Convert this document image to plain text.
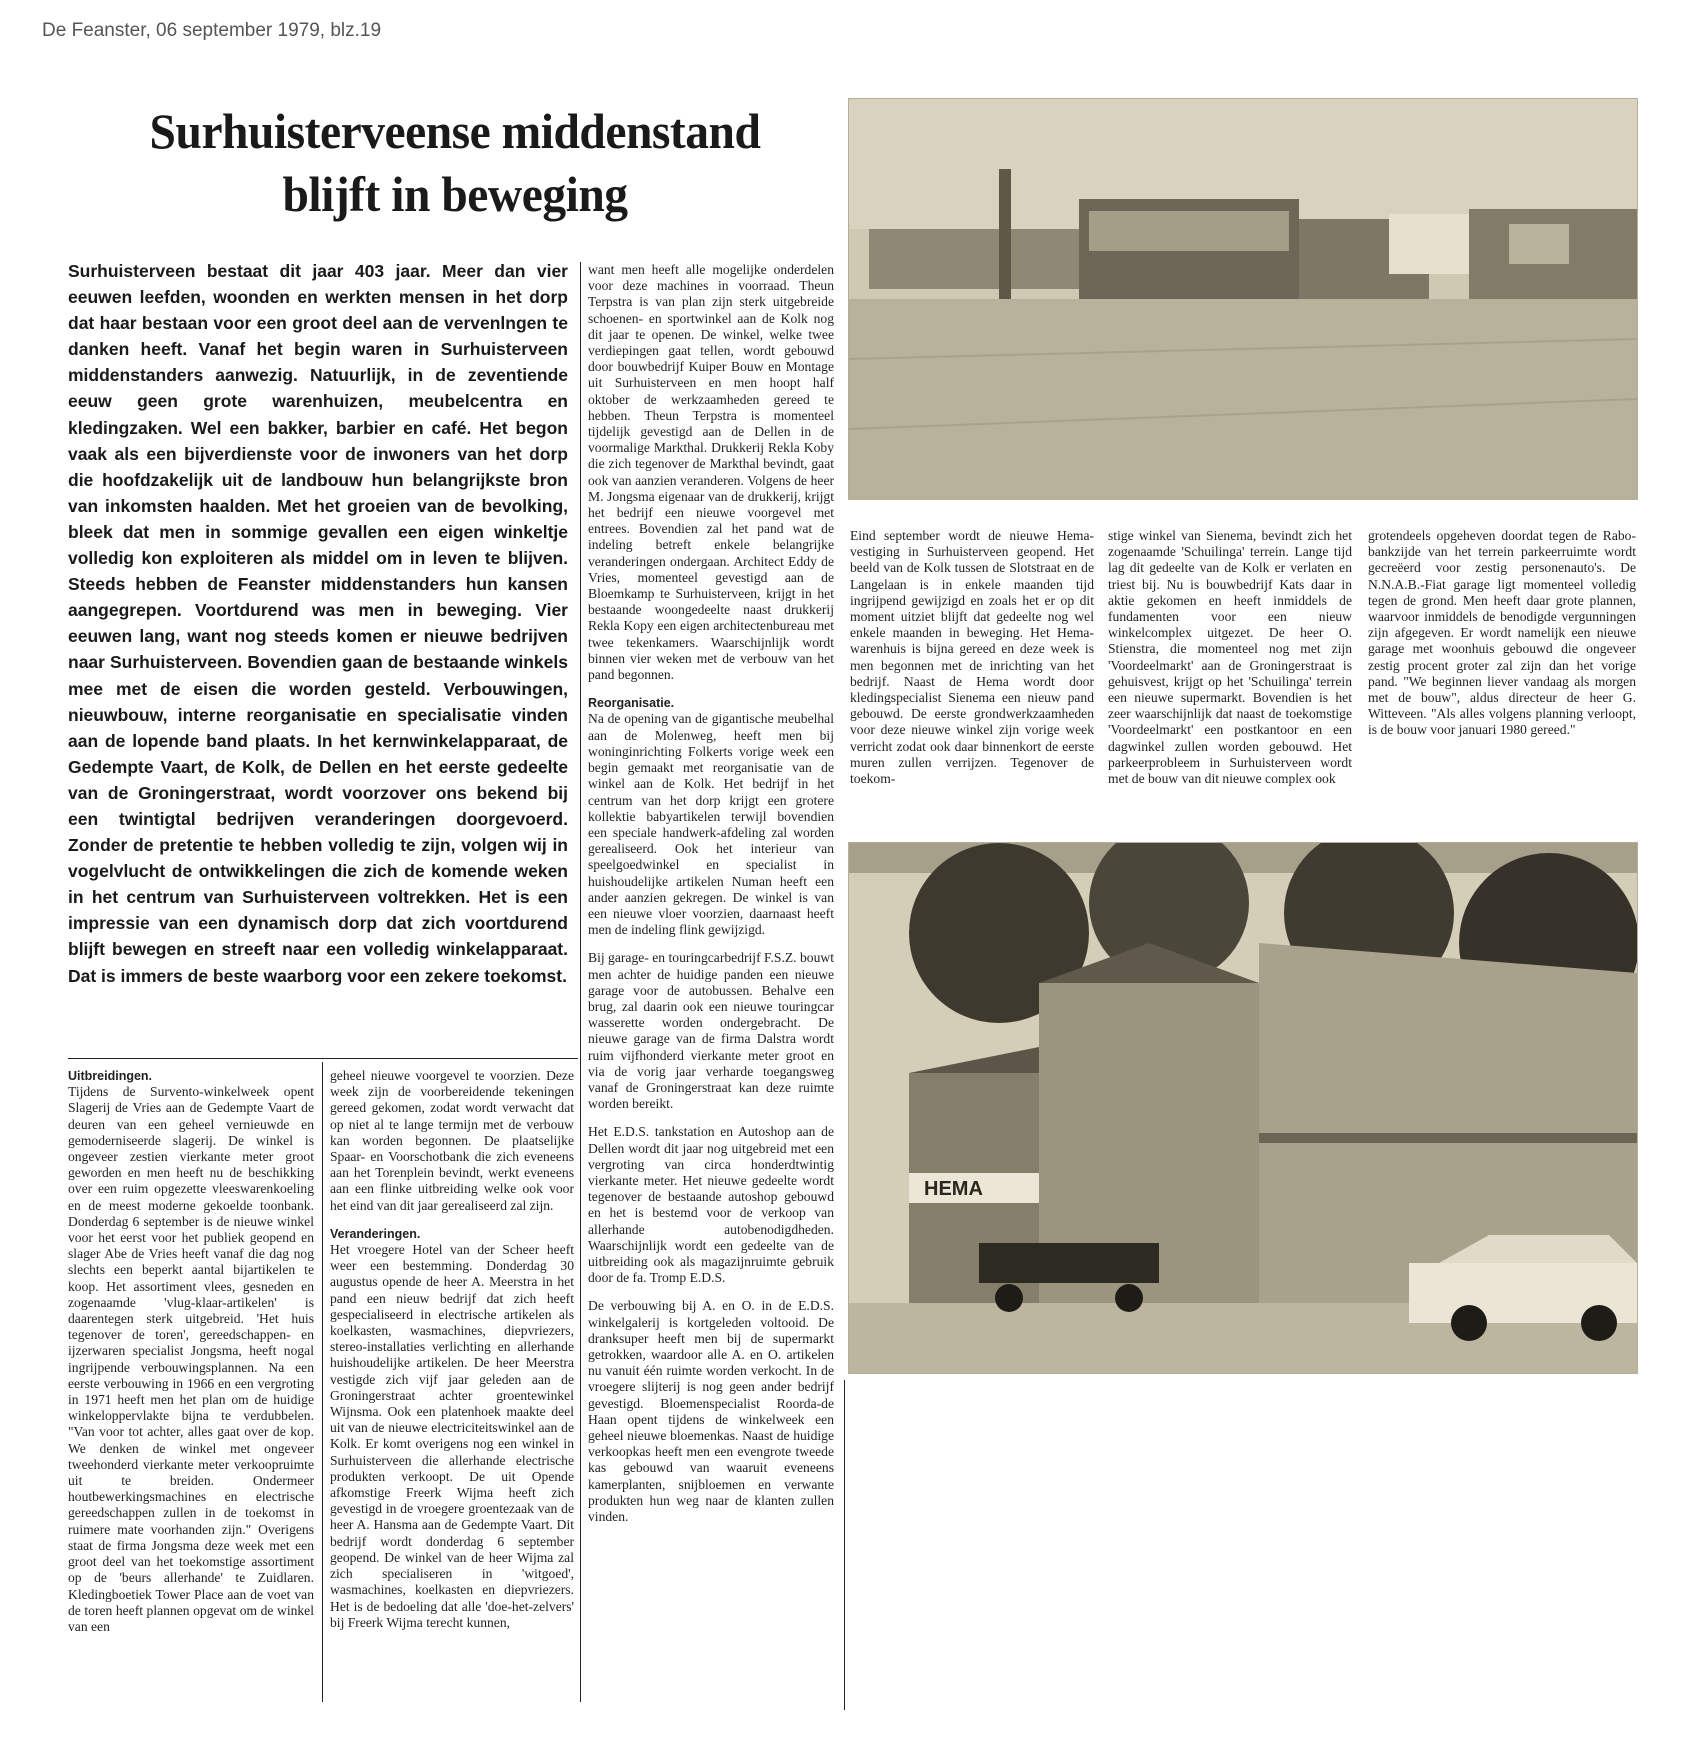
De Feanster, 06 september 1979, blz.19
Surhuisterveense middenstand
blijft in beweging
Surhuisterveen bestaat dit jaar 403 jaar. Meer dan vier eeuwen leefden, woonden en werkten mensen in het dorp dat haar bestaan voor een groot deel aan de vervenlngen te danken heeft. Vanaf het begin waren in Surhuisterveen middenstanders aanwezig. Natuurlijk, in de zeventiende eeuw geen grote warenhuizen, meubelcentra en kledingzaken. Wel een bakker, barbier en café. Het begon vaak als een bijverdienste voor de inwoners van het dorp die hoofdzakelijk uit de landbouw hun belangrijkste bron van inkomsten haalden. Met het groeien van de bevolking, bleek dat men in sommige gevallen een eigen winkeltje volledig kon exploiteren als middel om in leven te blijven. Steeds hebben de Feanster middenstanders hun kansen aangegrepen. Voortdurend was men in beweging. Vier eeuwen lang, want nog steeds komen er nieuwe bedrijven naar Surhuisterveen. Bovendien gaan de bestaande winkels mee met de eisen die worden gesteld. Verbouwingen, nieuwbouw, interne reorganisatie en specialisatie vinden aan de lopende band plaats. In het kernwinkelapparaat, de Gedempte Vaart, de Kolk, de Dellen en het eerste gedeelte van de Groningerstraat, wordt voorzover ons bekend bij een twintigtal bedrijven veranderingen doorgevoerd. Zonder de pretentie te hebben volledig te zijn, volgen wij in vogelvlucht de ontwikkelingen die zich de komende weken in het centrum van Surhuisterveen voltrekken. Het is een impressie van een dynamisch dorp dat zich voortdurend blijft bewegen en streeft naar een volledig winkelapparaat. Dat is immers de beste waarborg voor een zekere toekomst.
Uitbreidingen.

Tijdens de Survento-winkelweek opent Slagerij de Vries aan de Gedempte Vaart de deuren van een geheel vernieuwde en gemoderniseerde slagerij. De winkel is ongeveer zestien vierkante meter groot geworden en men heeft nu de beschikking over een ruim opgezette vleeswarenkoeling en de meest moderne gekoelde toonbank. Donderdag 6 september is de nieuwe winkel voor het eerst voor het publiek geopend en slager Abe de Vries heeft vanaf die dag nog slechts een beperkt aantal bijartikelen te koop. Het assortiment vlees, gesneden en zogenaamde 'vlug-klaar-artikelen' is daarentegen sterk uitgebreid. 'Het huis tegenover de toren', gereedschappen- en ijzerwaren specialist Jongsma, heeft nogal ingrijpende verbouwingsplannen. Na een eerste verbouwing in 1966 en een vergroting in 1971 heeft men het plan om de huidige winkeloppervlakte bijna te verdubbelen. "Van voor tot achter, alles gaat over de kop. We denken de winkel met ongeveer tweehonderd vierkante meter verkoopruimte uit te breiden. Ondermeer houtbewerkingsmachines en electrische gereedschappen zullen in de toekomst in ruimere mate voorhanden zijn." Overigens staat de firma Jongsma deze week met een groot deel van het toekomstige assortiment op de 'beurs allerhande' te Zuidlaren. Kledingboetiek Tower Place aan de voet van de toren heeft plannen opgevat om de winkel van een

geheel nieuwe voorgevel te voorzien. Deze week zijn de voorbereidende tekeningen gereed gekomen, zodat wordt verwacht dat op niet al te lange termijn met de verbouw kan worden begonnen. De plaatselijke Spaar- en Voorschotbank die zich eveneens aan het Torenplein bevindt, werkt eveneens aan een flinke uitbreiding welke ook voor het eind van dit jaar gerealiseerd zal zijn.

Veranderingen.

Het vroegere Hotel van der Scheer heeft weer een bestemming. Donderdag 30 augustus opende de heer A. Meerstra in het pand een nieuw bedrijf dat zich heeft gespecialiseerd in electrische artikelen als koelkasten, wasmachines, diepvriezers, stereo-installaties verlichting en allerhande huishoudelijke artikelen. De heer Meerstra vestigde zich vijf jaar geleden aan de Groningerstraat achter groentewinkel Wijnsma. Ook een platenhoek maakte deel uit van de nieuwe electriciteitswinkel aan de Kolk. Er komt overigens nog een winkel in Surhuisterveen die allerhande electrische produkten verkoopt. De uit Opende afkomstige Freerk Wijma heeft zich gevestigd in de vroegere groentezaak van de heer A. Hansma aan de Gedempte Vaart. Dit bedrijf wordt donderdag 6 september geopend. De winkel van de heer Wijma zal zich specialiseren in 'witgoed', wasmachines, koelkasten en diepvriezers. Het is de bedoeling dat alle 'doe-het-zelvers' bij Freerk Wijma terecht kunnen,

want men heeft alle mogelijke onderdelen voor deze machines in voorraad. Theun Terpstra is van plan zijn sterk uitgebreide schoenen- en sportwinkel aan de Kolk nog dit jaar te openen. De winkel, welke twee verdiepingen gaat tellen, wordt gebouwd door bouwbedrijf Kuiper Bouw en Montage uit Surhuisterveen en men hoopt half oktober de werkzaamheden gereed te hebben. Theun Terpstra is momenteel tijdelijk gevestigd aan de Dellen in de voormalige Markthal. Drukkerij Rekla Koby die zich tegenover de Markthal bevindt, gaat ook van aanzien veranderen. Volgens de heer M. Jongsma eigenaar van de drukkerij, krijgt het bedrijf een nieuwe voorgevel met entrees. Bovendien zal het pand wat de indeling betreft enkele belangrijke veranderingen ondergaan. Architect Eddy de Vries, momenteel gevestigd aan de Bloemkamp te Surhuisterveen, krijgt in het bestaande woongedeelte naast drukkerij Rekla Kopy een eigen architectenbureau met twee tekenkamers. Waarschijnlijk wordt binnen vier weken met de verbouw van het pand begonnen.

Reorganisatie.

Na de opening van de gigantische meubelhal aan de Molenweg, heeft men bij woninginrichting Folkerts vorige week een begin gemaakt met reorganisatie van de winkel aan de Kolk. Het bedrijf in het centrum van het dorp krijgt een grotere kollektie babyartikelen terwijl bovendien een speciale handwerk-afdeling zal worden gerealiseerd. Ook het interieur van speelgoedwinkel en specialist in huishoudelijke artikelen Numan heeft een ander aanzien gekregen. De winkel is van een nieuwe vloer voorzien, daarnaast heeft men de indeling flink gewijzigd.

Bij garage- en touringcarbedrijf F.S.Z. bouwt men achter de huidige panden een nieuwe garage voor de autobussen. Behalve een brug, zal daarin ook een nieuwe touringcar wasserette worden ondergebracht. De nieuwe garage van de firma Dalstra wordt ruim vijfhonderd vierkante meter groot en via de vorig jaar verharde toegangsweg vanaf de Groningerstraat kan deze ruimte worden bereikt.

Het E.D.S. tankstation en Autoshop aan de Dellen wordt dit jaar nog uitgebreid met een vergroting van circa honderdtwintig vierkante meter. Het nieuwe gedeelte wordt tegenover de bestaande autoshop gebouwd en het is bestemd voor de verkoop van allerhande autobenodigdheden. Waarschijnlijk wordt een gedeelte van de uitbreiding ook als magazijnruimte gebruik door de fa. Tromp E.D.S.

De verbouwing bij A. en O. in de E.D.S. winkelgalerij is kortgeleden voltooid. De dranksuper heeft men bij de supermarkt getrokken, waardoor alle A. en O. artikelen nu vanuit één ruimte worden verkocht. In de vroegere slijterij is nog geen ander bedrijf gevestigd. Bloemenspecialist Roorda-de Haan opent tijdens de winkelweek een geheel nieuwe bloemenkas. Naast de huidige verkoopkas heeft men een evengrote tweede kas gebouwd van waaruit eveneens kamerplanten, snijbloemen en verwante produkten hun weg naar de klanten zullen vinden.

Eind september wordt de nieuwe Hema-vestiging in Surhuisterveen geopend. Het beeld van de Kolk tussen de Slotstraat en de Langelaan is in enkele maanden tijd ingrijpend gewijzigd en zoals het er op dit moment uitziet blijft dat gedeelte nog wel enkele maanden in beweging. Het Hema-warenhuis is bijna gereed en deze week is men begonnen met de inrichting van het bedrijf. Naast de Hema wordt door kledingspecialist Sienema een nieuw pand gebouwd. De eerste grondwerkzaamheden voor deze nieuwe winkel zijn vorige week verricht zodat ook daar binnenkort de eerste muren zullen verrijzen. Tegenover de toekom-

stige winkel van Sienema, bevindt zich het zogenaamde 'Schuilinga' terrein. Lange tijd lag dit gedeelte van de Kolk er verlaten en triest bij. Nu is bouwbedrijf Kats daar in aktie gekomen en heeft inmiddels de fundamenten voor een nieuw winkelcomplex uitgezet. De heer O. Stienstra, die momenteel nog met zijn 'Voordeelmarkt' aan de Groningerstraat is gehuisvest, krijgt op het 'Schuilinga' terrein een nieuwe supermarkt. Bovendien is het zeer waarschijnlijk dat naast de toekomstige 'Voordeelmarkt' een postkantoor en een dagwinkel zullen worden gebouwd. Het parkeerprobleem in Surhuisterveen wordt met de bouw van dit nieuwe complex ook

grotendeels opgeheven doordat tegen de Rabo-bankzijde van het terrein parkeerruimte wordt gecreëerd voor zestig personenauto's. De N.N.A.B.-Fiat garage ligt momenteel volledig tegen de grond. Men heeft daar grote plannen, waarvoor inmiddels de benodigde vergunningen zijn afgegeven. Er wordt namelijk een nieuwe garage met woonhuis gebouwd die ongeveer zestig procent groter zal zijn dan het vorige pand. "We beginnen liever vandaag als morgen met de bouw", aldus directeur de heer G. Witteveen. "Als alles volgens planning verloopt, is de bouw voor januari 1980 gereed."

HEMA
